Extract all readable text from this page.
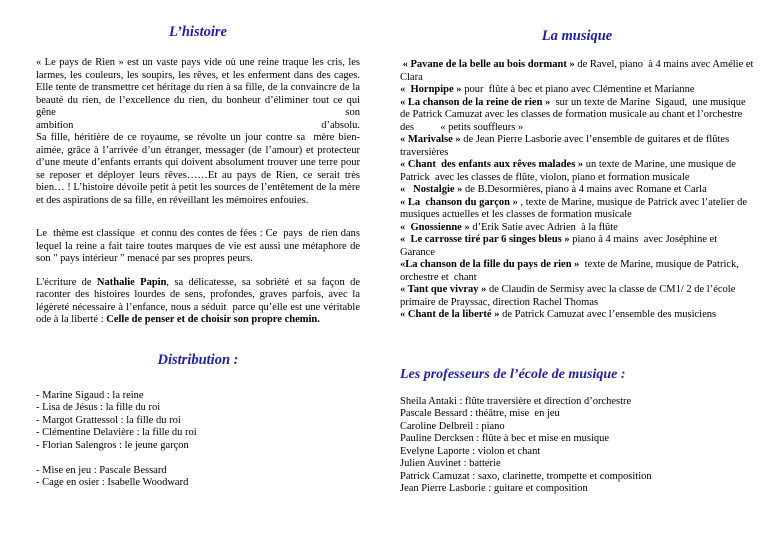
L’histoire

« Le pays de Rien » est un vaste pays vide où une reine traque les cris, les larmes, les couleurs, les soupirs, les rêves, et les enferment dans des cages. Elle tente de transmettre cet héritage du rien à sa fille, de la convaincre de la beauté du rien, de l’excellence du rien, du bonheur d’éliminer tout ce qui gêne son

ambition	d’absolu.

Sa fille, héritière de ce royaume, se révolte un jour contre sa  mère bien-aimée, grâce à l’arrivée d’un étranger, messager (de l’amour) et protecteur d’une meute d’enfants errants qui doivent absolument trouver une terre pour se reposer et déployer leurs rêves……Et au pays de Rien, ce serait très bien… ! L’histoire dévoile petit à petit les sources de l’entêtement de la mère et des aspirations de sa fille, en réveillant les mémoires enfouies.

Le  thème est classique  et connu des contes de fées : Ce  pays  de rien dans lequel la reine a fait taire toutes marques de vie est aussi une métaphore de son " pays intérieur " menacé par ses propres peurs.

L'écriture de Nathalie Papin, sa délicatesse, sa sobriété et sa façon de raconter des histoires lourdes de sens, profondes, graves parfois, avec la légèreté nécessaire à l’enfance, nous a séduit  parce qu’elle est une véritable ode à la liberté : Celle de penser et de choisir son propre chemin.

Distribution :
- Marine Sigaud : la reine
- Lisa de Jésus : la fille du roi
- Margot Grattessol : la fille du roi
- Clémentine Delavière : la fille du roi
- Florian Salengros : le jeune garçon
- Mise en jeu : Pascale Bessard
- Cage en osier : Isabelle Woodward
La musique

« Pavane de la belle au bois dormant » de Ravel, piano  à 4 mains avec Amélie et Clara

«  Hornpipe » pour  flûte à bec et piano avec Clémentine et Marianne

« La chanson de la reine de rien »  sur un texte de Marine  Sigaud,  une musique de Patrick Camuzat avec les classes de formation musicale au chant et l’orchestre des          « petits souffleurs »

« Marivalse » de Jean Pierre Lasborie avec l’ensemble de guitares et de flûtes traversières

« Chant  des enfants aux rêves malades » un texte de Marine, une musique de Patrick  avec les classes de flûte, violon, piano et formation musicale

«   Nostalgie » de B.Desormières, piano à 4 mains avec Romane et Carla

« La  chanson du garçon » , texte de Marine, musique de Patrick avec l’atelier de musiques actuelles et les classes de formation musicale

«  Gnossienne » d’Erik Satie avec Adrien  à la flûte

«  Le carrosse tiré par 6 singes bleus » piano à 4 mains  avec Joséphine et Garance

«La chanson de la fille du pays de rien »  texte de Marine, musique de Patrick, orchestre et  chant

« Tant que vivray » de Claudin de Sermisy avec la classe de CM1/ 2 de l’école primaire de Prayssac, direction Rachel Thomas

« Chant de la liberté » de Patrick Camuzat avec l’ensemble des musiciens

Les professeurs de l’école de musique :
Sheila Antaki : flûte traversière et direction d’orchestre
Pascale Bessard : théâtre, mise  en jeu
Caroline Delbreil : piano
Pauline Dercksen : flûte à bec et mise en musique
Evelyne Laporte : violon et chant
Julien Auvinet : batterie
Patrick Camuzat : saxo, clarinette, trompette et composition
Jean Pierre Lasborie : guitare et composition
